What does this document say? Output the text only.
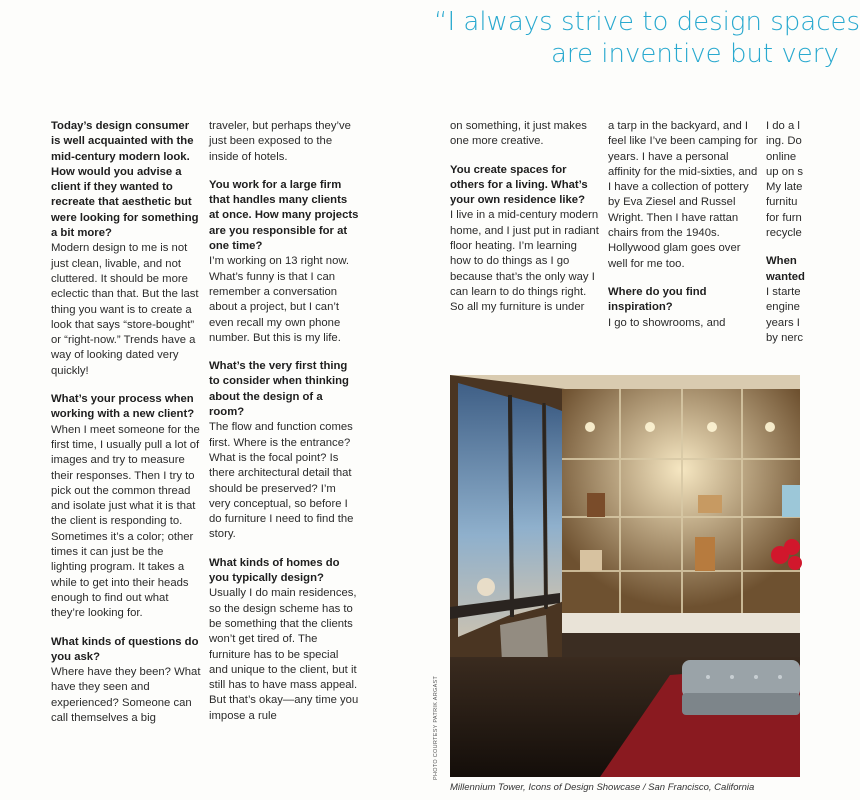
“I always strive to design spaces
are inventive but very

Today’s design consumer is well acquainted with the mid-century modern look. How would you advise a client if they wanted to recreate that aesthetic but were looking for something a bit more?
Modern design to me is not just clean, livable, and not cluttered. It should be more eclectic than that. But the last thing you want is to create a look that says “store-bought” or “right-now.” Trends have a way of looking dated very quickly!

What’s your process when working with a new client?
When I meet someone for the first time, I usually pull a lot of images and try to measure their responses. Then I try to pick out the common thread and isolate just what it is that the client is responding to. Sometimes it’s a color; other times it can just be the lighting program. It takes a while to get into their heads enough to find out what they’re looking for.

What kinds of questions do you ask?
Where have they been? What have they seen and experienced? Someone can call themselves a big

traveler, but perhaps they’ve just been exposed to the inside of hotels.

You work for a large firm that handles many clients at once. How many projects are you responsible for at one time?
I’m working on 13 right now. What’s funny is that I can remember a conversation about a project, but I can’t even recall my own phone number. But this is my life.

What’s the very first thing to consider when thinking about the design of a room?
The flow and function comes first. Where is the entrance? What is the focal point? Is there architectural detail that should be preserved? I’m very conceptual, so before I do furniture I need to find the story.

What kinds of homes do you typically design?
Usually I do main residences, so the design scheme has to be something that the clients won’t get tired of. The furniture has to be special and unique to the client, but it still has to have mass appeal. But that’s okay—any time you impose a rule

on something, it just makes one more creative.

You create spaces for others for a living. What’s your own residence like?
I live in a mid-century modern home, and I just put in radiant floor heating. I’m learning how to do things as I go because that’s the only way I can learn to do things right. So all my furniture is under

a tarp in the backyard, and I feel like I’ve been camping for years. I have a personal affinity for the mid-sixties, and I have a collection of pottery by Eva Ziesel and Russel Wright. Then I have rattan chairs from the 1940s. Hollywood glam goes over well for me too.

Where do you find inspiration?
I go to showrooms, and

I do a l ing. Do online up on s My late furnitu for furn recycle

When wanted
I starte engine years I by nerc

PHOTO COURTESY PATRIK ARGAST
Millennium Tower, Icons of Design Showcase / San Francisco, California
